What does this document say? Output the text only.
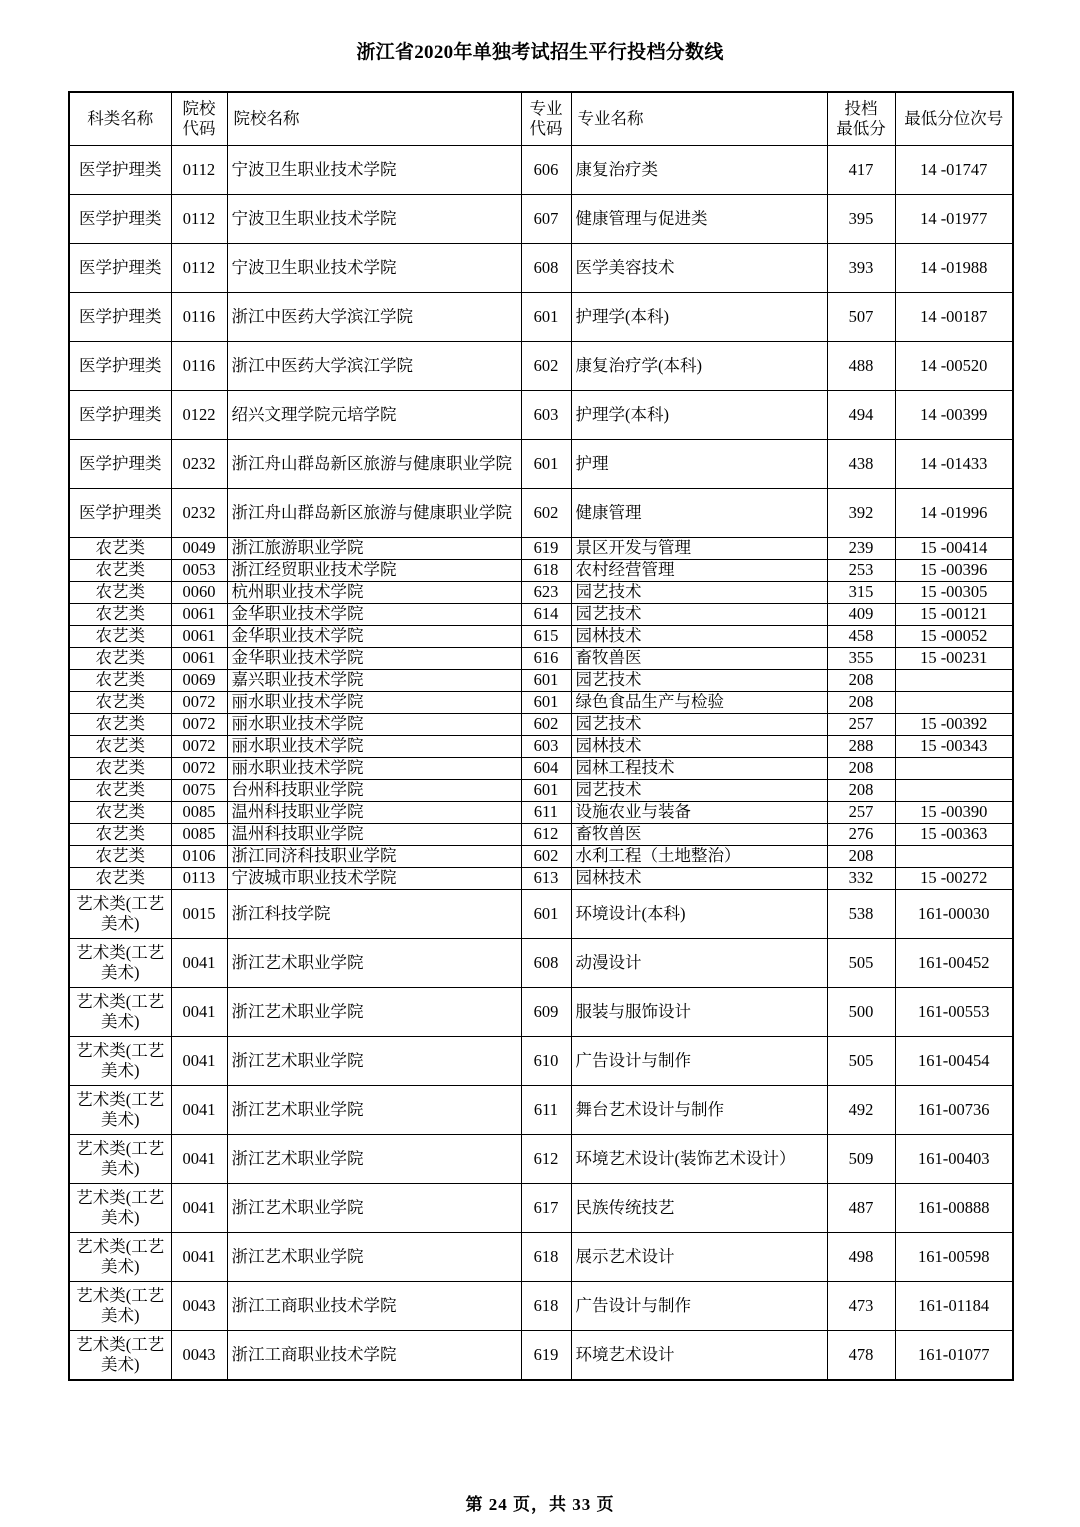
浙江省2020年单独考试招生平行投档分数线
科类名称	院校
代码	院校名称	专业
代码	专业名称	投档
最低分	最低分位次号
医学护理类	0112	宁波卫生职业技术学院	606	康复治疗类	417	14 -01747
医学护理类	0112	宁波卫生职业技术学院	607	健康管理与促进类	395	14 -01977
医学护理类	0112	宁波卫生职业技术学院	608	医学美容技术	393	14 -01988
医学护理类	0116	浙江中医药大学滨江学院	601	护理学(本科)	507	14 -00187
医学护理类	0116	浙江中医药大学滨江学院	602	康复治疗学(本科)	488	14 -00520
医学护理类	0122	绍兴文理学院元培学院	603	护理学(本科)	494	14 -00399
医学护理类	0232	浙江舟山群岛新区旅游与健康职业学院	601	护理	438	14 -01433
医学护理类	0232	浙江舟山群岛新区旅游与健康职业学院	602	健康管理	392	14 -01996
农艺类	0049	浙江旅游职业学院	619	景区开发与管理	239	15 -00414
农艺类	0053	浙江经贸职业技术学院	618	农村经营管理	253	15 -00396
农艺类	0060	杭州职业技术学院	623	园艺技术	315	15 -00305
农艺类	0061	金华职业技术学院	614	园艺技术	409	15 -00121
农艺类	0061	金华职业技术学院	615	园林技术	458	15 -00052
农艺类	0061	金华职业技术学院	616	畜牧兽医	355	15 -00231
农艺类	0069	嘉兴职业技术学院	601	园艺技术	208	
农艺类	0072	丽水职业技术学院	601	绿色食品生产与检验	208	
农艺类	0072	丽水职业技术学院	602	园艺技术	257	15 -00392
农艺类	0072	丽水职业技术学院	603	园林技术	288	15 -00343
农艺类	0072	丽水职业技术学院	604	园林工程技术	208	
农艺类	0075	台州科技职业学院	601	园艺技术	208	
农艺类	0085	温州科技职业学院	611	设施农业与装备	257	15 -00390
农艺类	0085	温州科技职业学院	612	畜牧兽医	276	15 -00363
农艺类	0106	浙江同济科技职业学院	602	水利工程（土地整治）	208	
农艺类	0113	宁波城市职业技术学院	613	园林技术	332	15 -00272
艺术类(工艺美术)	0015	浙江科技学院	601	环境设计(本科)	538	161-00030
艺术类(工艺美术)	0041	浙江艺术职业学院	608	动漫设计	505	161-00452
艺术类(工艺美术)	0041	浙江艺术职业学院	609	服装与服饰设计	500	161-00553
艺术类(工艺美术)	0041	浙江艺术职业学院	610	广告设计与制作	505	161-00454
艺术类(工艺美术)	0041	浙江艺术职业学院	611	舞台艺术设计与制作	492	161-00736
艺术类(工艺美术)	0041	浙江艺术职业学院	612	环境艺术设计(装饰艺术设计）	509	161-00403
艺术类(工艺美术)	0041	浙江艺术职业学院	617	民族传统技艺	487	161-00888
艺术类(工艺美术)	0041	浙江艺术职业学院	618	展示艺术设计	498	161-00598
艺术类(工艺美术)	0043	浙江工商职业技术学院	618	广告设计与制作	473	161-01184
艺术类(工艺美术)	0043	浙江工商职业技术学院	619	环境艺术设计	478	161-01077
第 24 页，共 33 页
